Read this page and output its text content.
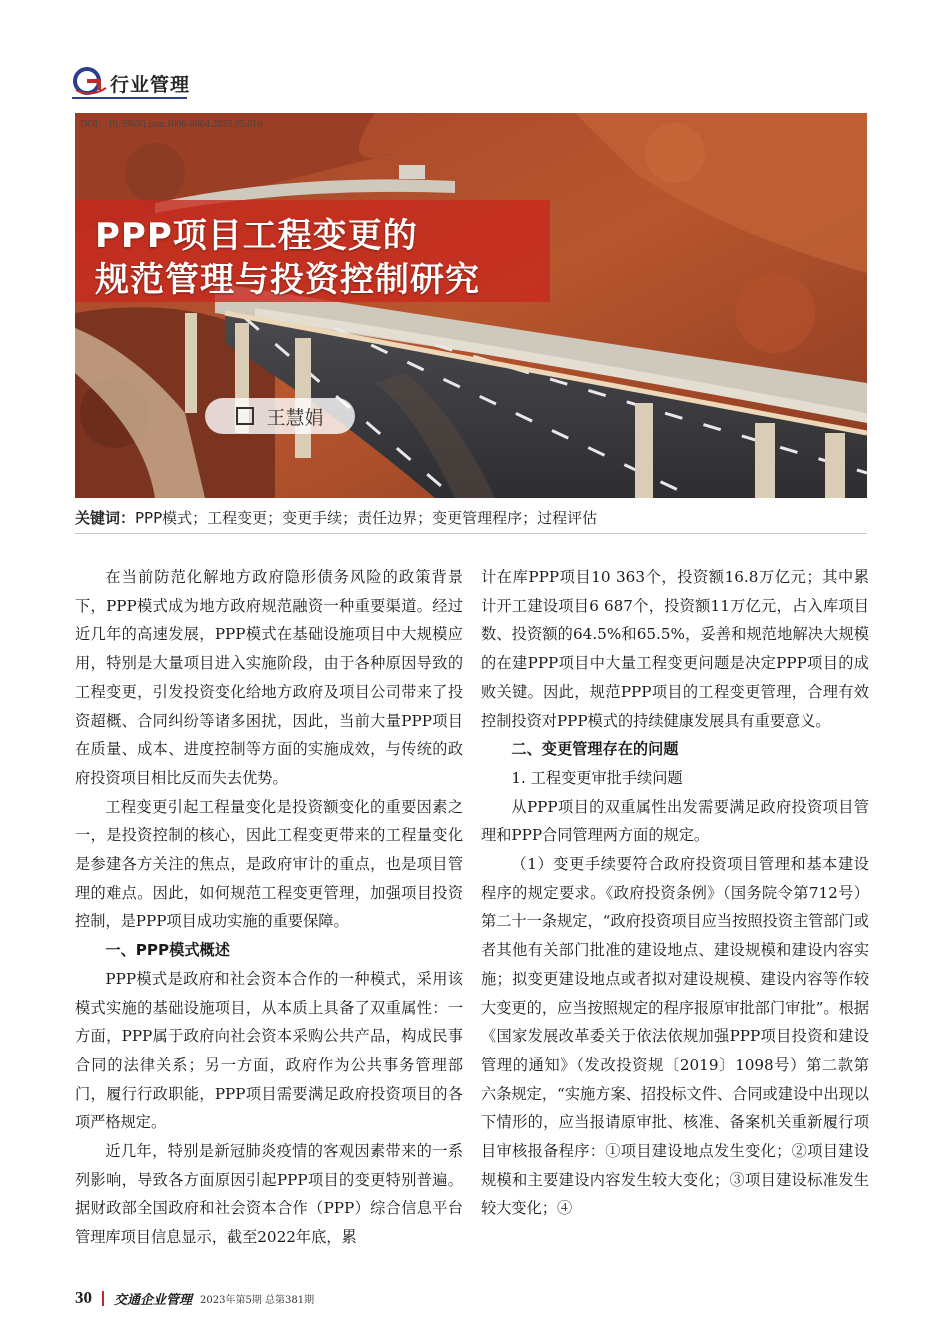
行业管理
DOI：10.3963/j.issn.1006-8864.2023.05.010
PPP项目工程变更的
规范管理与投资控制研究
王慧娟
关键词：PPP模式；工程变更；变更手续；责任边界；变更管理程序；过程评估

在当前防范化解地方政府隐形债务风险的政策背景下，PPP模式成为地方政府规范融资一种重要渠道。经过近几年的高速发展，PPP模式在基础设施项目中大规模应用，特别是大量项目进入实施阶段，由于各种原因导致的工程变更，引发投资变化给地方政府及项目公司带来了投资超概、合同纠纷等诸多困扰，因此，当前大量PPP项目在质量、成本、进度控制等方面的实施成效，与传统的政府投资项目相比反而失去优势。

工程变更引起工程量变化是投资额变化的重要因素之一，是投资控制的核心，因此工程变更带来的工程量变化是参建各方关注的焦点，是政府审计的重点，也是项目管理的难点。因此，如何规范工程变更管理，加强项目投资控制，是PPP项目成功实施的重要保障。

一、PPP模式概述

PPP模式是政府和社会资本合作的一种模式，采用该模式实施的基础设施项目，从本质上具备了双重属性：一方面，PPP属于政府向社会资本采购公共产品，构成民事合同的法律关系；另一方面，政府作为公共事务管理部门，履行行政职能，PPP项目需要满足政府投资项目的各项严格规定。

近几年，特别是新冠肺炎疫情的客观因素带来的一系列影响，导致各方面原因引起PPP项目的变更特别普遍。据财政部全国政府和社会资本合作（PPP）综合信息平台管理库项目信息显示，截至2022年底，累

计在库PPP项目10 363个，投资额16.8万亿元；其中累计开工建设项目6 687个，投资额11万亿元，占入库项目数、投资额的64.5%和65.5%，妥善和规范地解决大规模的在建PPP项目中大量工程变更问题是决定PPP项目的成败关键。因此，规范PPP项目的工程变更管理，合理有效控制投资对PPP模式的持续健康发展具有重要意义。

二、变更管理存在的问题

1. 工程变更审批手续问题

从PPP项目的双重属性出发需要满足政府投资项目管理和PPP合同管理两方面的规定。

（1）变更手续要符合政府投资项目管理和基本建设程序的规定要求。《政府投资条例》（国务院令第712号）第二十一条规定，“政府投资项目应当按照投资主管部门或者其他有关部门批准的建设地点、建设规模和建设内容实施；拟变更建设地点或者拟对建设规模、建设内容等作较大变更的，应当按照规定的程序报原审批部门审批”。根据《国家发展改革委关于依法依规加强PPP项目投资和建设管理的通知》（发改投资规〔2019〕1098号）第二款第六条规定，“实施方案、招投标文件、合同或建设中出现以下情形的，应当报请原审批、核准、备案机关重新履行项目审核报备程序：①项目建设地点发生变化；②项目建设规模和主要建设内容发生较大变化；③项目建设标准发生较大变化；④

30 交通企业管理 2023年第5期 总第381期
